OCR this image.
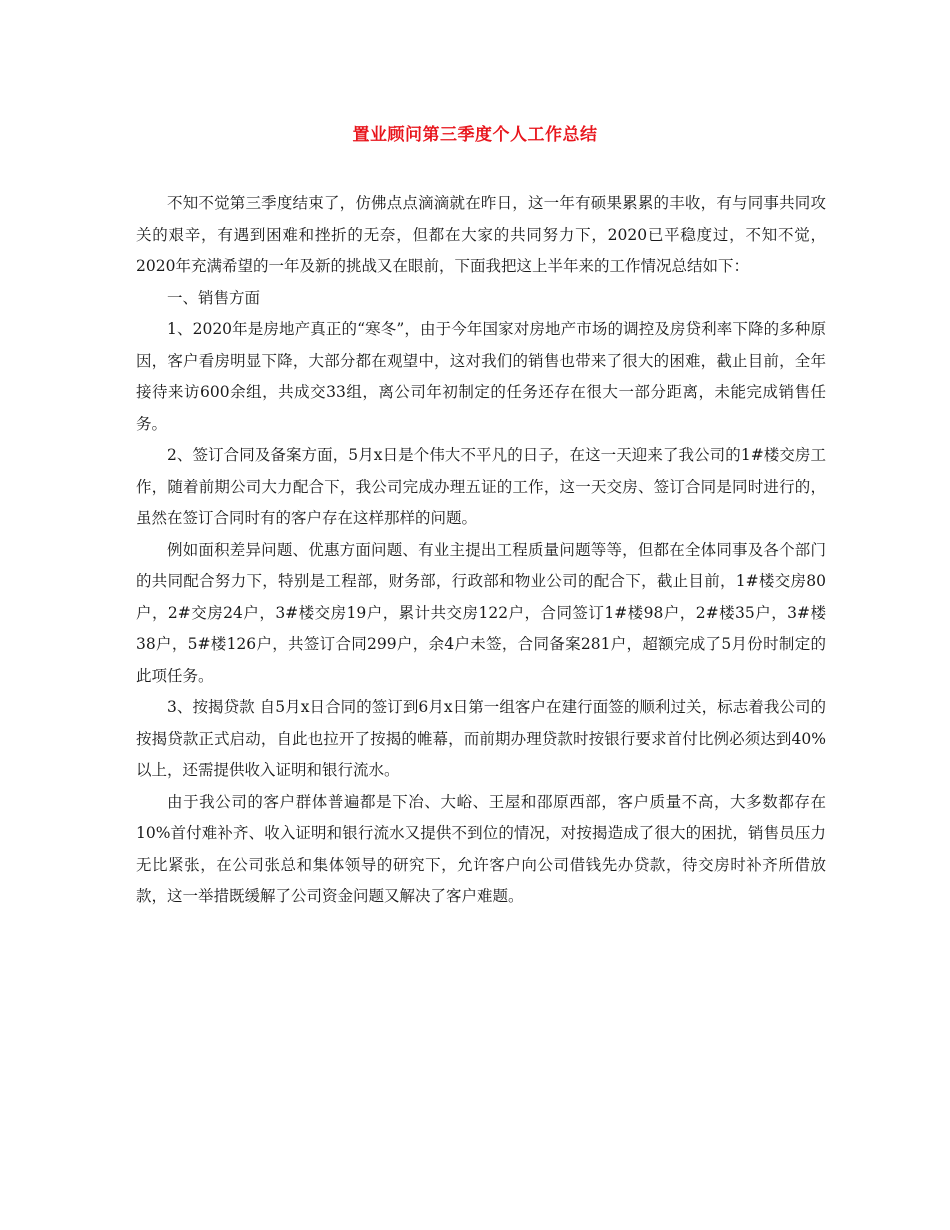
置业顾问第三季度个人工作总结

不知不觉第三季度结束了，仿佛点点滴滴就在昨日，这一年有硕果累累的丰收，有与同事共同攻关的艰辛，有遇到困难和挫折的无奈，但都在大家的共同努力下，2020已平稳度过，不知不觉，2020年充满希望的一年及新的挑战又在眼前，下面我把这上半年来的工作情况总结如下：

一、销售方面

1、2020年是房地产真正的“寒冬”，由于今年国家对房地产市场的调控及房贷利率下降的多种原因，客户看房明显下降，大部分都在观望中，这对我们的销售也带来了很大的困难，截止目前，全年接待来访600余组，共成交33组，离公司年初制定的任务还存在很大一部分距离，未能完成销售任务。

2、签订合同及备案方面，5月x日是个伟大不平凡的日子，在这一天迎来了我公司的1#楼交房工作，随着前期公司大力配合下，我公司完成办理五证的工作，这一天交房、签订合同是同时进行的，虽然在签订合同时有的客户存在这样那样的问题。

例如面积差异问题、优惠方面问题、有业主提出工程质量问题等等，但都在全体同事及各个部门的共同配合努力下，特别是工程部，财务部，行政部和物业公司的配合下，截止目前，1#楼交房80户，2#交房24户，3#楼交房19户，累计共交房122户，合同签订1#楼98户，2#楼35户，3#楼38户，5#楼126户，共签订合同299户，余4户未签，合同备案281户，超额完成了5月份时制定的此项任务。

3、按揭贷款 自5月x日合同的签订到6月x日第一组客户在建行面签的顺利过关，标志着我公司的按揭贷款正式启动，自此也拉开了按揭的帷幕，而前期办理贷款时按银行要求首付比例必须达到40%以上，还需提供收入证明和银行流水。

由于我公司的客户群体普遍都是下冶、大峪、王屋和邵原西部，客户质量不高，大多数都存在10%首付难补齐、收入证明和银行流水又提供不到位的情况，对按揭造成了很大的困扰，销售员压力无比紧张，在公司张总和集体领导的研究下，允许客户向公司借钱先办贷款，待交房时补齐所借放款，这一举措既缓解了公司资金问题又解决了客户难题。
